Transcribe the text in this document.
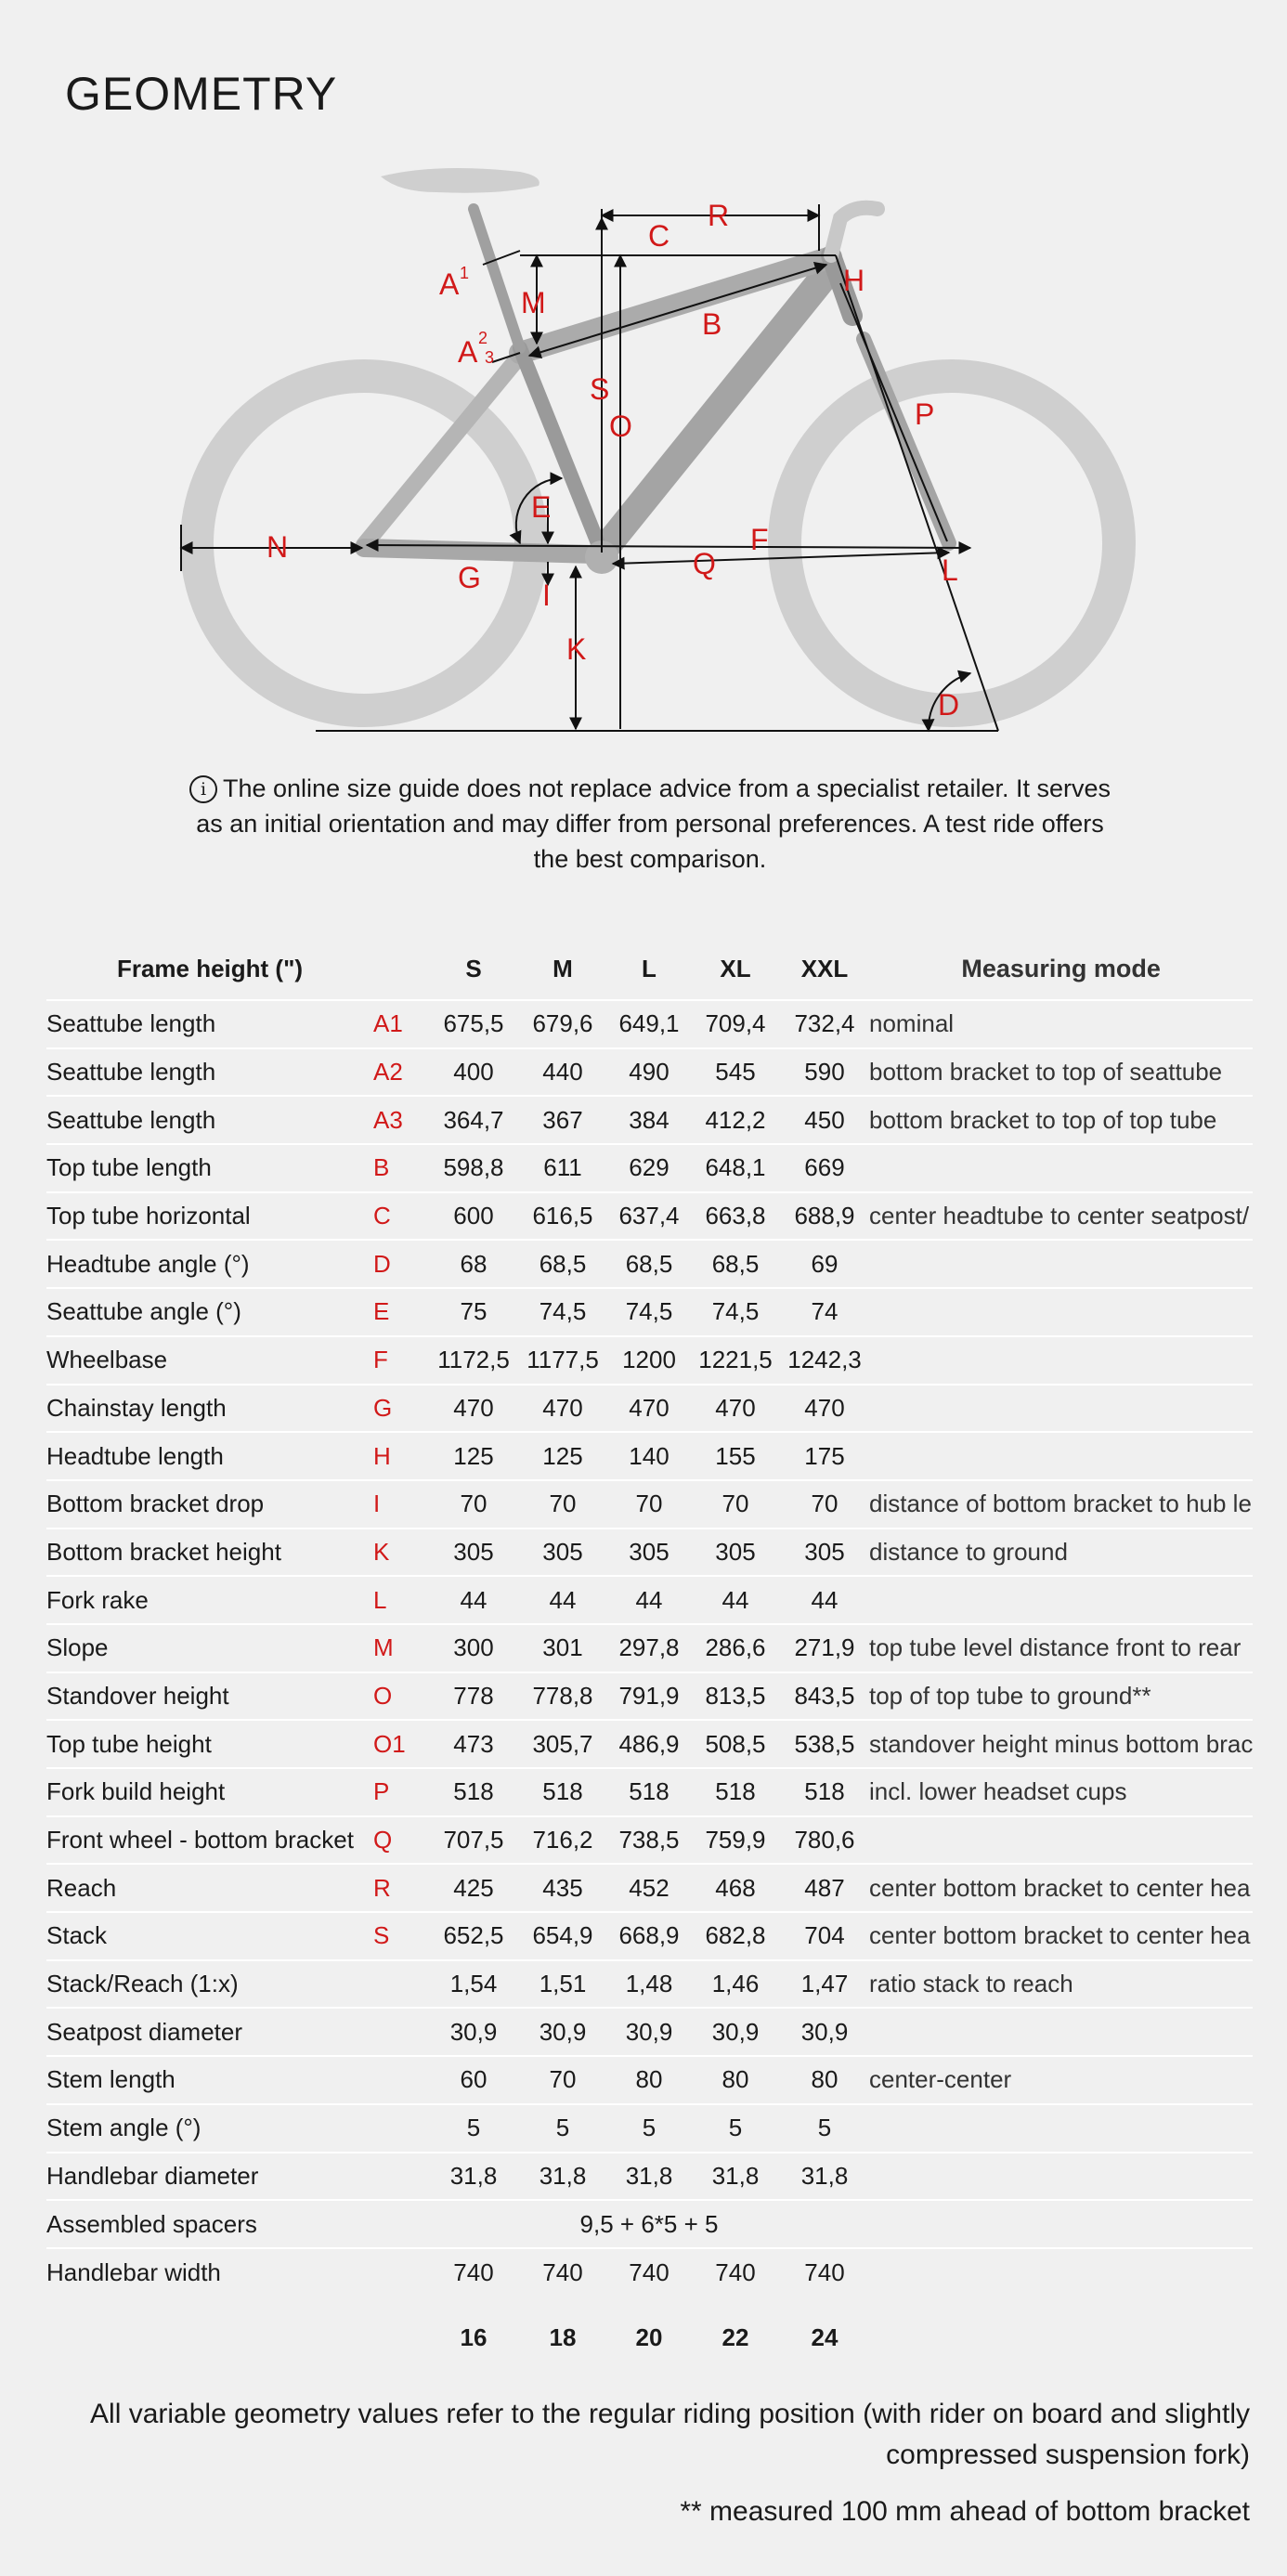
GEOMETRY
A 1
M
A 2
3
C
R
H
B
S
O	P
E
N	F
Q	L
G
I
K
D
i The online size guide does not replace advice from a specialist retailer. It serves as an initial orientation and may differ from personal preferences. A test ride offers the best comparison.
Frame height (")		S	M	L	XL	XXL	Measuring mode
Seattube length	A1	675,5	679,6	649,1	709,4	732,4	nominal
Seattube length	A2	400	440	490	545	590	bottom bracket to top of seattube
Seattube length	A3	364,7	367	384	412,2	450	bottom bracket to top of top tube
Top tube length	B	598,8	611	629	648,1	669	
Top tube horizontal	C	600	616,5	637,4	663,8	688,9	center headtube to center seatpost/
Headtube angle (°)	D	68	68,5	68,5	68,5	69	
Seattube angle (°)	E	75	74,5	74,5	74,5	74	
Wheelbase	F	1172,5	1177,5	1200	1221,5	1242,3	
Chainstay length	G	470	470	470	470	470	
Headtube length	H	125	125	140	155	175	
Bottom bracket drop	I	70	70	70	70	70	distance of bottom bracket to hub le
Bottom bracket height	K	305	305	305	305	305	distance to ground
Fork rake	L	44	44	44	44	44	
Slope	M	300	301	297,8	286,6	271,9	top tube level distance front to rear
Standover height	O	778	778,8	791,9	813,5	843,5	top of top tube to ground**
Top tube height	O1	473	305,7	486,9	508,5	538,5	standover height minus bottom brac
Fork build height	P	518	518	518	518	518	incl. lower headset cups
Front wheel - bottom bracket	Q	707,5	716,2	738,5	759,9	780,6	
Reach	R	425	435	452	468	487	center bottom bracket to center hea
Stack	S	652,5	654,9	668,9	682,8	704	center bottom bracket to center hea
Stack/Reach (1:x)		1,54	1,51	1,48	1,46	1,47	ratio stack to reach
Seatpost diameter		30,9	30,9	30,9	30,9	30,9	
Stem length		60	70	80	80	80	center-center
Stem angle (°)		5	5	5	5	5	
Handlebar diameter		31,8	31,8	31,8	31,8	31,8	
Assembled spacers		9,5 + 6*5 + 5					
Handlebar width		740	740	740	740	740	
		16	18	20	22	24	
All variable geometry values refer to the regular riding position (with rider on board and slightly compressed suspension fork)
** measured 100 mm ahead of bottom bracket
